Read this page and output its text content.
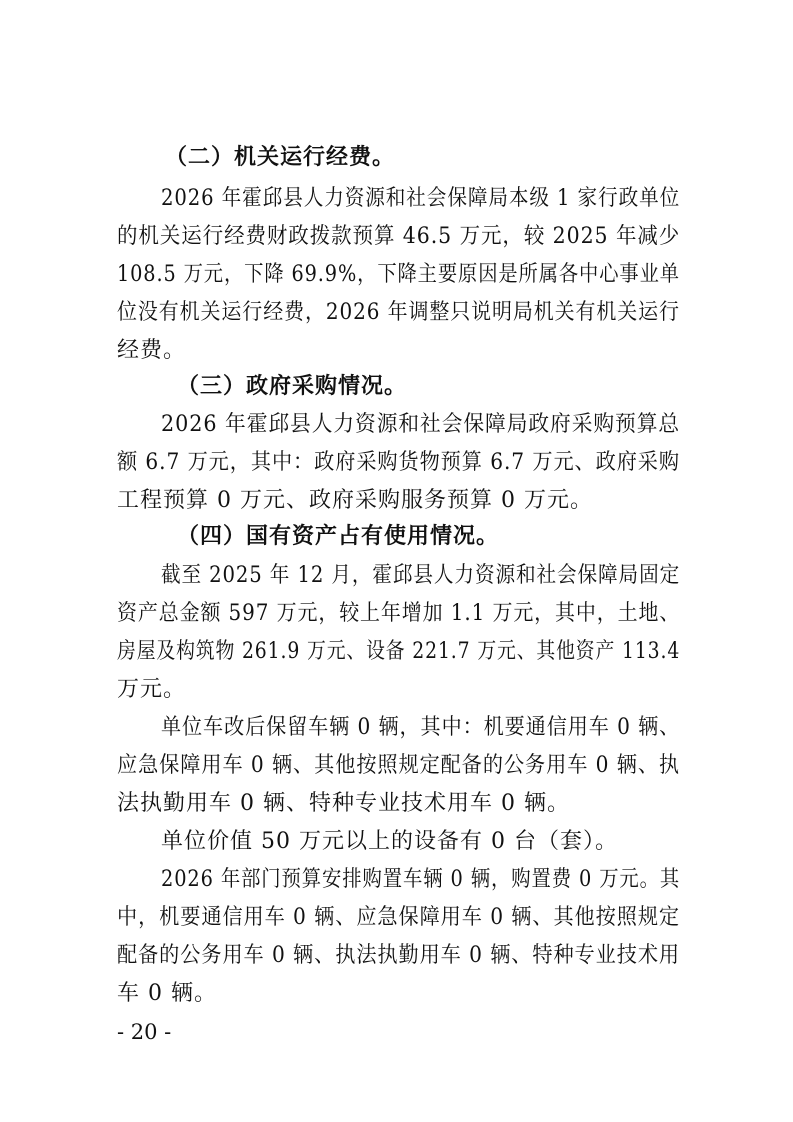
（二）机关运行经费。
2026 年霍邱县人力资源和社会保障局本级 1 家行政单位
的机关运行经费财政拨款预算 46.5 万元，较 2025 年减少
108.5 万元，下降 69.9%，下降主要原因是所属各中心事业单
位没有机关运行经费，2026 年调整只说明局机关有机关运行
经费。
（三）政府采购情况。
2026 年霍邱县人力资源和社会保障局政府采购预算总
额 6.7 万元，其中：政府采购货物预算 6.7 万元、政府采购
工程预算 0 万元、政府采购服务预算 0 万元。
（四）国有资产占有使用情况。
截至 2025 年 12 月，霍邱县人力资源和社会保障局固定
资产总金额 597 万元，较上年增加 1.1 万元，其中，土地、
房屋及构筑物 261.9 万元、设备 221.7 万元、其他资产 113.4
万元。
单位车改后保留车辆 0 辆，其中：机要通信用车 0 辆、
应急保障用车 0 辆、其他按照规定配备的公务用车 0 辆、执
法执勤用车 0 辆、特种专业技术用车 0 辆。
单位价值 50 万元以上的设备有 0 台（套）。
2026 年部门预算安排购置车辆 0 辆，购置费 0 万元。其
中，机要通信用车 0 辆、应急保障用车 0 辆、其他按照规定
配备的公务用车 0 辆、执法执勤用车 0 辆、特种专业技术用
车 0 辆。
- 20 -
